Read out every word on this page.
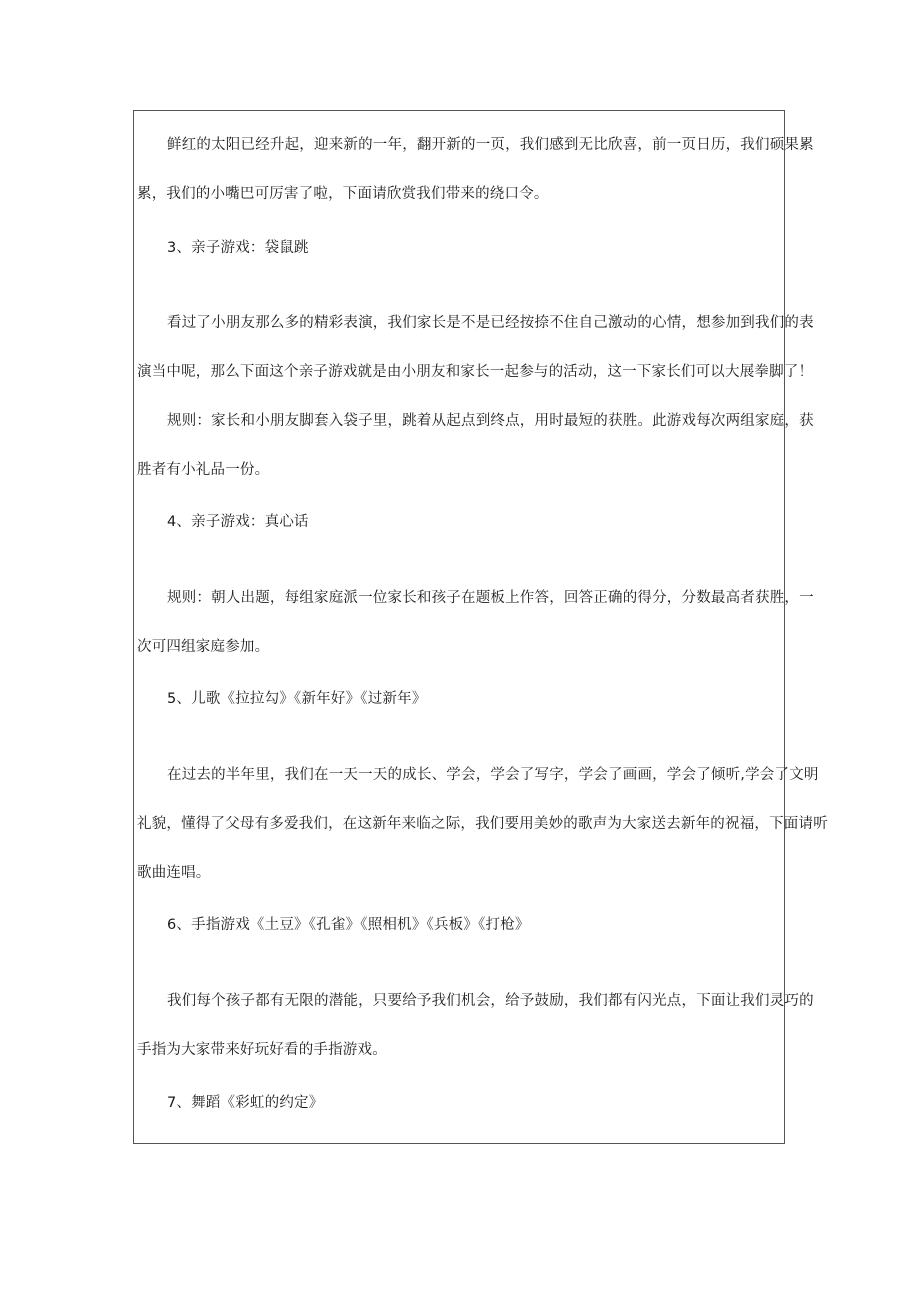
鲜红的太阳已经升起，迎来新的一年，翻开新的一页，我们感到无比欣喜，前一页日历，我们硕果累
累，我们的小嘴巴可厉害了啦，下面请欣赏我们带来的绕口令。
3、亲子游戏：袋鼠跳
看过了小朋友那么多的精彩表演，我们家长是不是已经按捺不住自己激动的心情，想参加到我们的表
演当中呢，那么下面这个亲子游戏就是由小朋友和家长一起参与的活动，这一下家长们可以大展拳脚了！
规则：家长和小朋友脚套入袋子里，跳着从起点到终点，用时最短的获胜。此游戏每次两组家庭，获
胜者有小礼品一份。
4、亲子游戏：真心话
规则：朝人出题，每组家庭派一位家长和孩子在题板上作答，回答正确的得分，分数最高者获胜，一
次可四组家庭参加。
5、儿歌《拉拉勾》《新年好》《过新年》
在过去的半年里，我们在一天一天的成长、学会，学会了写字，学会了画画，学会了倾听,学会了文明
礼貌，懂得了父母有多爱我们，在这新年来临之际，我们要用美妙的歌声为大家送去新年的祝福，下面请听
歌曲连唱。
6、手指游戏《土豆》《孔雀》《照相机》《兵板》《打枪》
我们每个孩子都有无限的潜能，只要给予我们机会，给予鼓励，我们都有闪光点，下面让我们灵巧的
手指为大家带来好玩好看的手指游戏。
7、舞蹈《彩虹的约定》
